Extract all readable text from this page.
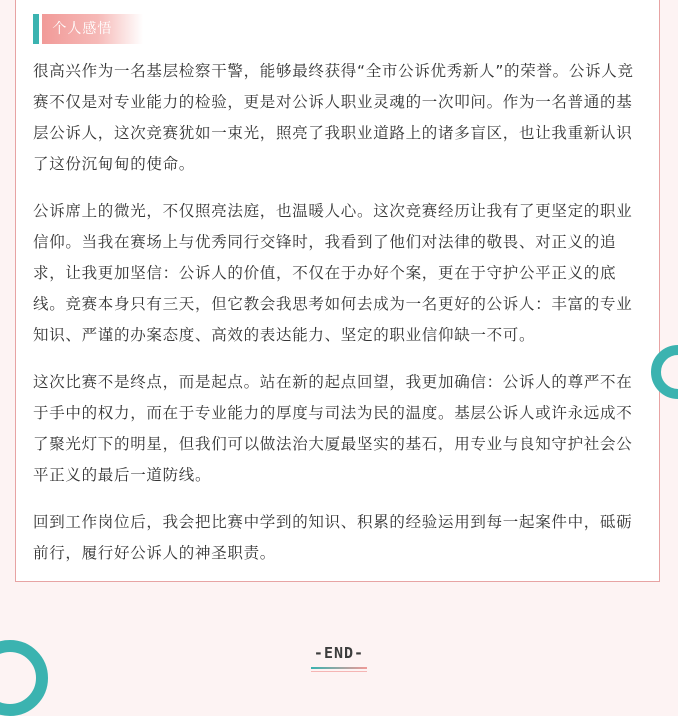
个人感悟

很高兴作为一名基层检察干警，能够最终获得“全市公诉优秀新人”的荣誉。公诉人竞赛不仅是对专业能力的检验，更是对公诉人职业灵魂的一次叩问。作为一名普通的基层公诉人，这次竞赛犹如一束光，照亮了我职业道路上的诸多盲区，也让我重新认识了这份沉甸甸的使命。

公诉席上的微光，不仅照亮法庭，也温暖人心。这次竞赛经历让我有了更坚定的职业信仰。当我在赛场上与优秀同行交锋时，我看到了他们对法律的敬畏、对正义的追求，让我更加坚信：公诉人的价值，不仅在于办好个案，更在于守护公平正义的底线。竞赛本身只有三天，但它教会我思考如何去成为一名更好的公诉人：丰富的专业知识、严谨的办案态度、高效的表达能力、坚定的职业信仰缺一不可。

这次比赛不是终点，而是起点。站在新的起点回望，我更加确信：公诉人的尊严不在于手中的权力，而在于专业能力的厚度与司法为民的温度。基层公诉人或许永远成不了聚光灯下的明星，但我们可以做法治大厦最坚实的基石，用专业与良知守护社会公平正义的最后一道防线。

回到工作岗位后，我会把比赛中学到的知识、积累的经验运用到每一起案件中，砥砺前行，履行好公诉人的神圣职责。

-END-
